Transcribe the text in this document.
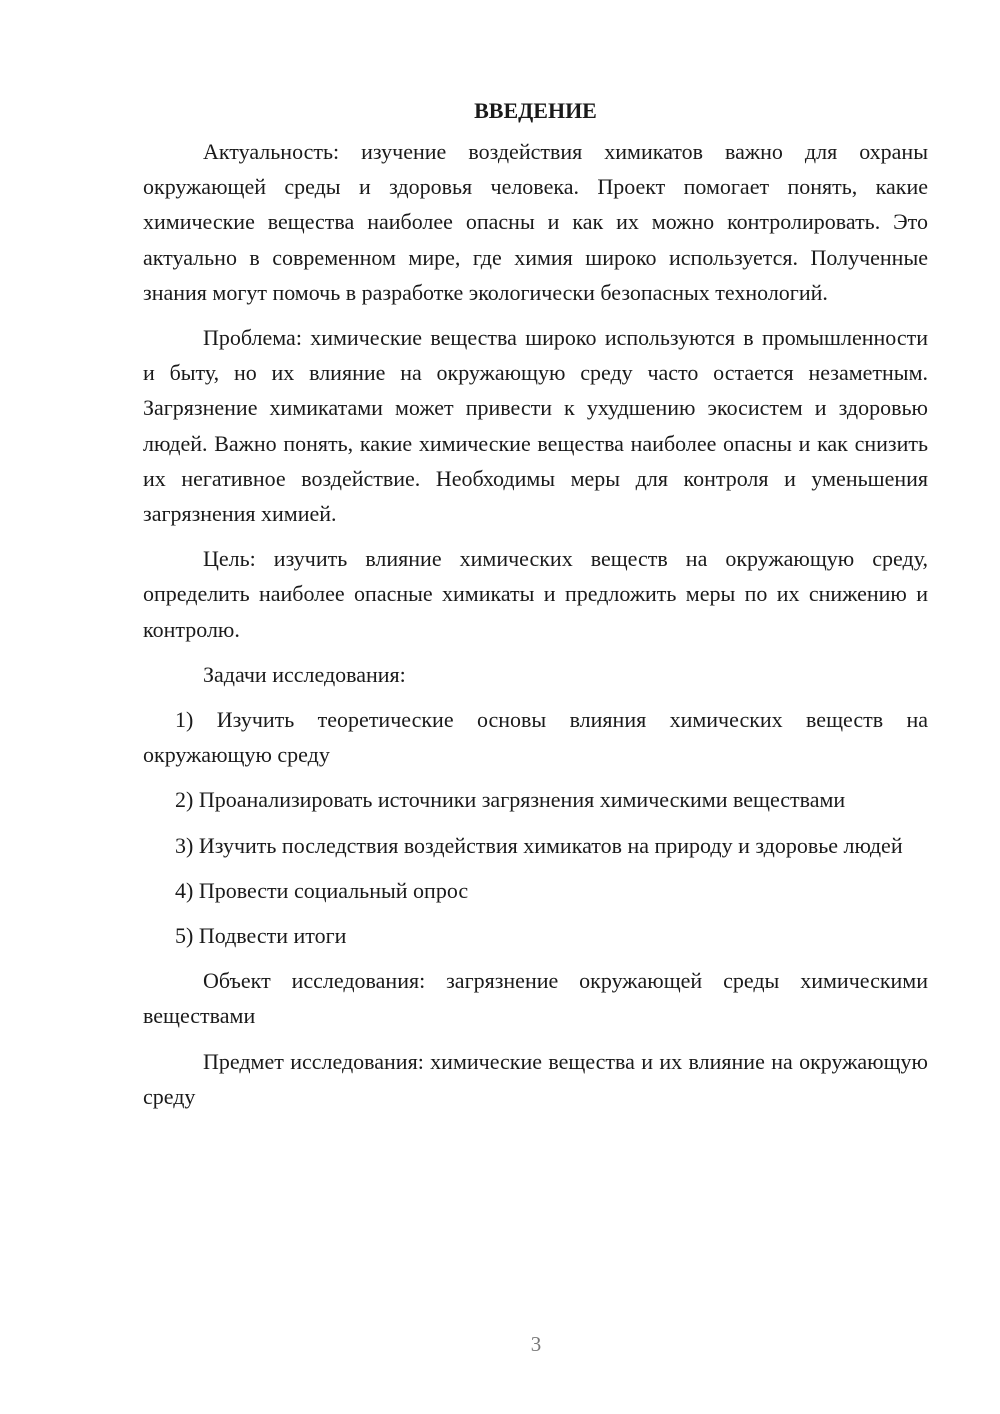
ВВЕДЕНИЕ

Актуальность: изучение воздействия химикатов важно для охраны окружающей среды и здоровья человека. Проект помогает понять, какие химические вещества наиболее опасны и как их можно контролировать. Это актуально в современном мире, где химия широко используется. Полученные знания могут помочь в разработке экологически безопасных технологий.

Проблема: химические вещества широко используются в промышленности и быту, но их влияние на окружающую среду часто остается незаметным. Загрязнение химикатами может привести к ухудшению экосистем и здоровью людей. Важно понять, какие химические вещества наиболее опасны и как снизить их негативное воздействие. Необходимы меры для контроля и уменьшения загрязнения химией.

Цель: изучить влияние химических веществ на окружающую среду, определить наиболее опасные химикаты и предложить меры по их снижению и контролю.

Задачи исследования:

1) Изучить теоретические основы влияния химических веществ на окружающую среду

2) Проанализировать источники загрязнения химическими веществами

3) Изучить последствия воздействия химикатов на природу и здоровье людей

4) Провести социальный опрос

5) Подвести итоги

Объект исследования: загрязнение окружающей среды химическими веществами

Предмет исследования: химические вещества и их влияние на окружающую среду

3
